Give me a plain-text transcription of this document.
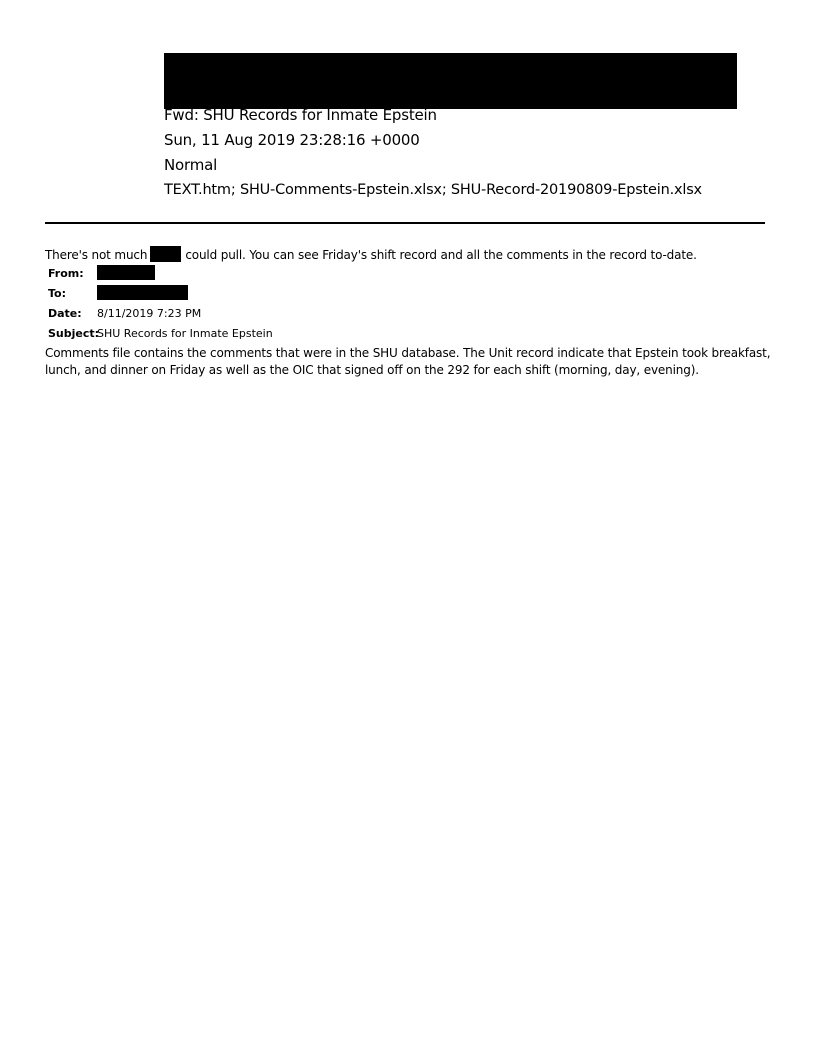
Fwd: SHU Records for Inmate Epstein
Sun, 11 Aug 2019 23:28:16 +0000
Normal
TEXT.htm; SHU-Comments-Epstein.xlsx; SHU-Record-20190809-Epstein.xlsx
There's not much	could pull. You can see Friday's shift record and all the comments in the record to-date.
From:
To:
Date: 8/11/2019 7:23 PM
Subject:
SHU Records for Inmate Epstein
Comments file contains the comments that were in the SHU database. The Unit record indicate that Epstein took breakfast,
lunch, and dinner on Friday as well as the OIC that signed off on the 292 for each shift (morning, day, evening).
